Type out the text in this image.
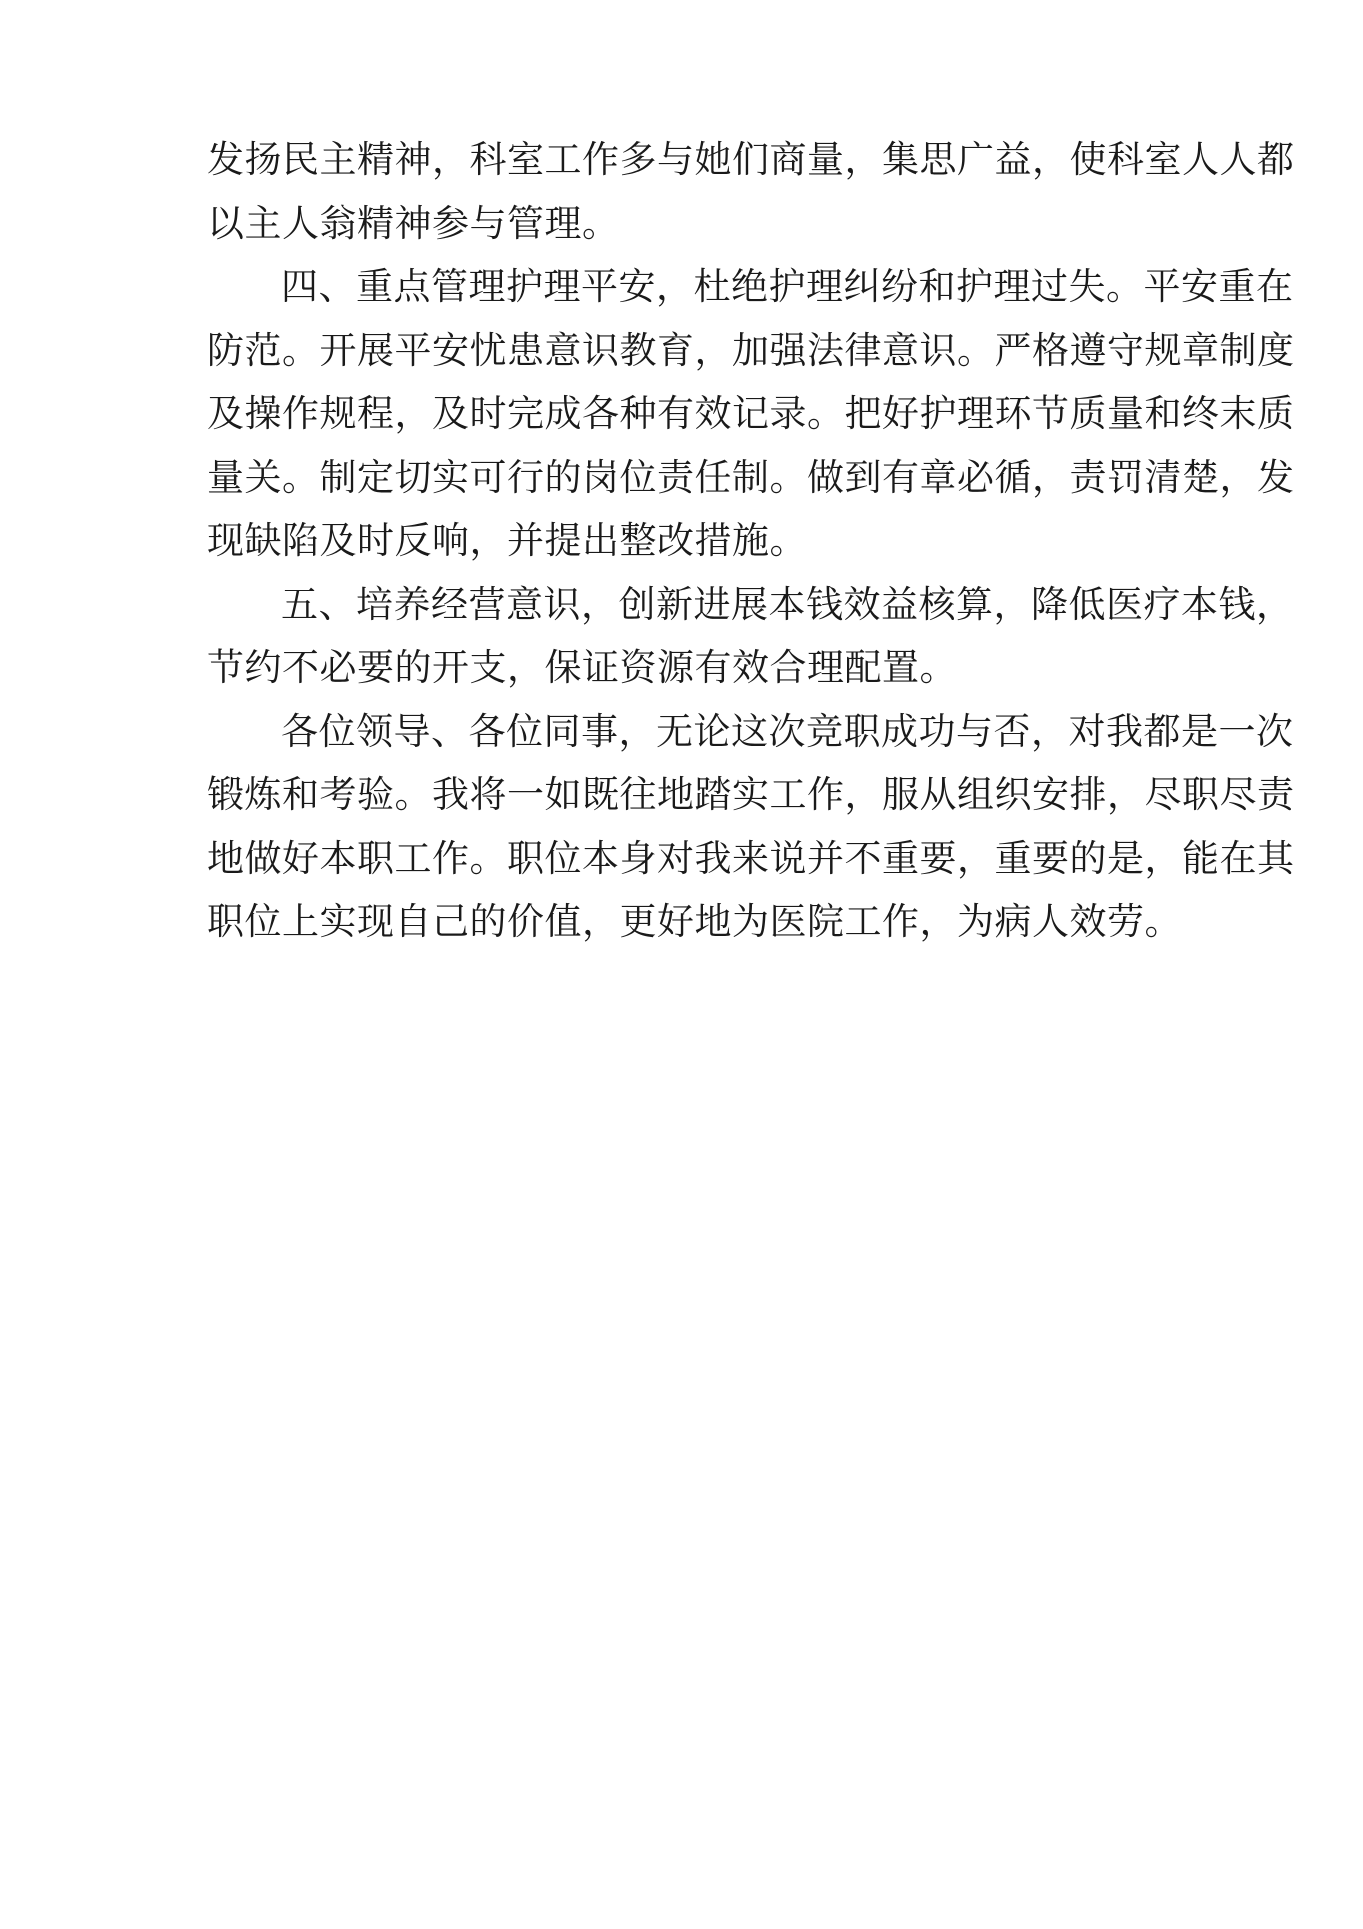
发扬民主精神，科室工作多与她们商量，集思广益，使科室人人都
以主人翁精神参与管理。
四、重点管理护理平安，杜绝护理纠纷和护理过失。平安重在
防范。开展平安忧患意识教育，加强法律意识。严格遵守规章制度
及操作规程，及时完成各种有效记录。把好护理环节质量和终末质
量关。制定切实可行的岗位责任制。做到有章必循，责罚清楚，发
现缺陷及时反响，并提出整改措施。
五、培养经营意识，创新进展本钱效益核算，降低医疗本钱，
节约不必要的开支，保证资源有效合理配置。
各位领导、各位同事，无论这次竞职成功与否，对我都是一次
锻炼和考验。我将一如既往地踏实工作，服从组织安排，尽职尽责
地做好本职工作。职位本身对我来说并不重要，重要的是，能在其
职位上实现自己的价值，更好地为医院工作，为病人效劳。
